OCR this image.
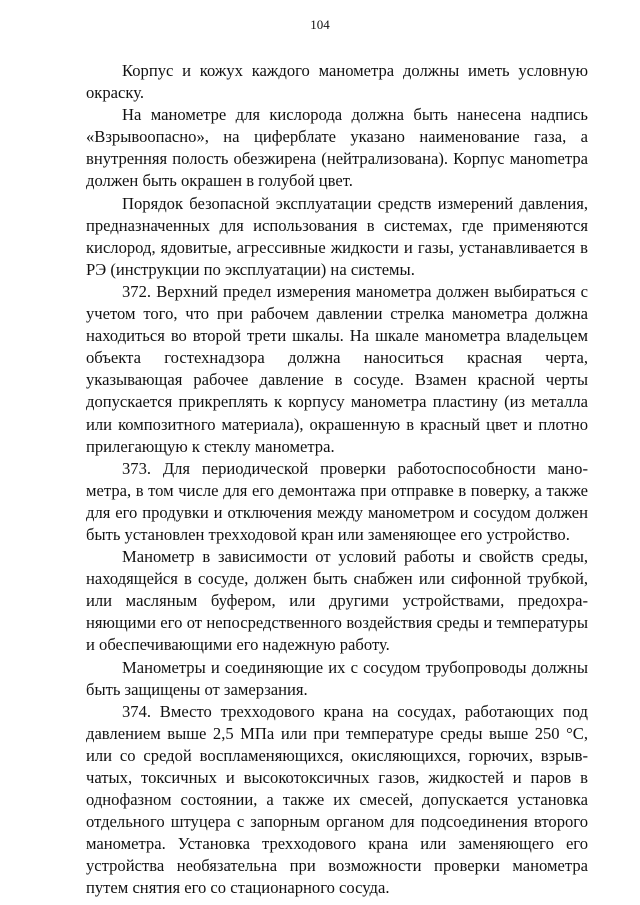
104

Корпус и кожух каждого манометра должны иметь условную окраску.

На манометре для кислорода должна быть нанесена надпись «Взрывоопасно», на циферблате указано наименование газа, а внутренняя полость обезжирена (нейтрализована). Корпус маноmетра должен быть окрашен в голубой цвет.

Порядок безопасной эксплуатации средств измерений давления, предназначенных для использования в системах, где применяются кислород, ядовитые, агрессивные жидкости и газы, устанавливается в РЭ (инструкции по эксплуатации) на системы.

372. Верхний предел измерения манометра должен выбираться с учетом того, что при рабочем давлении стрелка манометра должна находиться во второй трети шкалы. На шкале манометра владельцем объекта гостехнадзора должна наноситься красная черта, указывающая рабочее давление в сосуде. Взамен красной черты допускается прикреплять к корпусу манометра пластину (из металла или композитного материала), окрашенную в красный цвет и плотно прилегающую к стеклу манометра.

373. Для периодической проверки работоспособности манометра, в том числе для его демонтажа при отправке в поверку, а также для его продувки и отключения между манометром и сосудом должен быть установлен трехходовой кран или заменяющее его устройство.

Манометр в зависимости от условий работы и свойств среды, находящейся в сосуде, должен быть снабжен или сифонной трубкой, или масляным буфером, или другими устройствами, предохраняющими его от непосредственного воздействия среды и температуры и обеспечивающими его надежную работу.

Манометры и соединяющие их с сосудом трубопроводы должны быть защищены от замерзания.

374. Вместо трехходового крана на сосудах, работающих под давлением выше 2,5 МПа или при температуре среды выше 250 °С, или со средой воспламеняющихся, окисляющихся, горючих, взрывчатых, токсичных и высокотоксичных газов, жидкостей и паров в однофазном состоянии, а также их смесей, допускается установка отдельного штуцера с запорным органом для подсоединения второго манометра. Установка трехходового крана или заменяющего его устройства необязательна при возможности проверки манометра путем снятия его со стационарного сосуда.
